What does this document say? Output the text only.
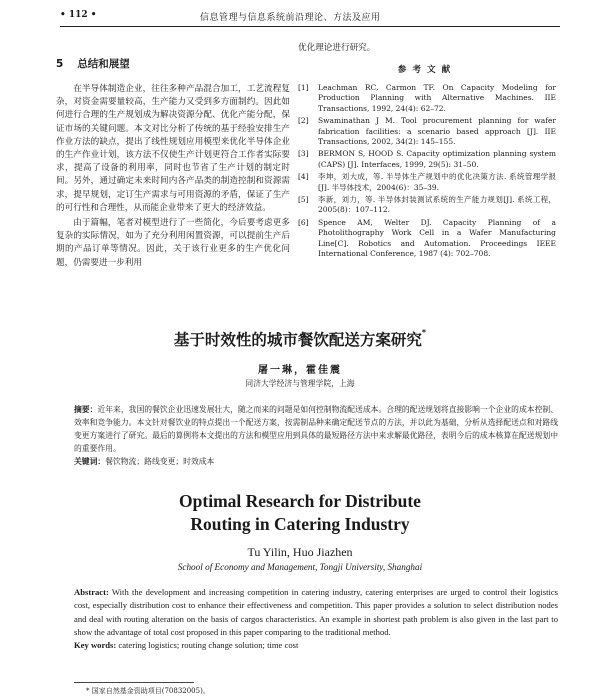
• 112 •	信息管理与信息系统前沿理论、方法及应用
5 总结和展望

在半导体制造企业，往往多种产品混合加工，工艺流程复杂，对资金需要量较高，生产能力又受到多方面制约。因此如何进行合理的生产规划成为解决资源分配、优化产能分配，保证市场的关键问题。本文对比分析了传统的基于经验安排生产作业方法的缺点，提出了线性规划应用模型来优化半导体企业的生产作业计划，该方法不仅使生产计划更符合工作者实际要求，提高了设备的利用率，同时也节省了生产计划的制定时间。另外，通过确定未来时间内各产品类的制造控制和资源需求，提早规划，定订生产需求与可用资源的矛盾，保证了生产的可行性和合理性，从而能企业带来了更大的经济效益。

由于篇幅，笔者对模型进行了一些简化，今后要考虑更多复杂的实际情况，如为了充分利用闲置资源，可以提前生产后期的产品订单等情况。因此，关于该行业更多的生产优化问题，仍需要进一步利用

优化理论进行研究。

参考文献
[1]	Leachman RC, Carmon TF. On Capacity Modeling for Production Planning with Alternative Machines. IIE Transactions, 1992, 24(4): 62–72.
[2]	Swaminathan J M. Tool procurement planning for wafer fabrication facilities: a scenario based approach [J]. IIE Transactions, 2002, 34(2): 145–155.
[3]	BERMON S, HOOD S. Capacity optimization planning system (CAPS) [J]. Interfaces, 1999, 29(5): 31–50.
[4]	李坤，刘大成，等. 半导体生产规划中的优化决策方法. 系统管理学报[J]. 半导体技术，2004(6)：35–39.
[5]	李新，刘力，等. 半导体封装测试系统的生产能力规划[J]. 系统工程，2005(8)：107–112.
[6]	Spence AM, Welter DJ. Capacity Planning of a Photolithography Work Cell in a Wafer Manufacturing Line[C]. Robotics and Automation. Proceedings IEEE International Conference, 1987 (4): 702–708.
基于时效性的城市餐饮配送方案研究*
屠一琳，霍佳震
同济大学经济与管理学院，上海
摘要：近年来，我国的餐饮企业迅速发展壮大，随之而来的问题是如何控制物流配送成本。合理的配送规划将直接影响一个企业的成本控制、效率和竞争能力。本文针对餐饮业的特点提出一个配送方案，按需制品种来确定配送节点的方法，并以此为基础，分析从选择配送点和对路线变更方案进行了研究。最后的算例将本文提出的方法和模型应用到具体的最短路径方法中来求解最优路径，表明今后的成本核算在配送规划中的重要作用。
关键词：餐饮物流；路线变更；时效成本
Optimal Research for Distribute
Routing in Catering Industry
Tu Yilin, Huo Jiazhen
School of Economy and Management, Tongji University, Shanghai
Abstract: With the development and increasing competition in catering industry, catering enterprises are urged to control their logistics cost, especially distribution cost to enhance their effectiveness and competition. This paper provides a solution to select distribution nodes and deal with routing alteration on the basis of cargos characteristics. An example in shortest path problem is also given in the last part to show the advantage of total cost proposed in this paper comparing to the traditional method.
Key words: catering logistics; routing change solution; time cost
* 国家自然基金资助项目(70832005)。
